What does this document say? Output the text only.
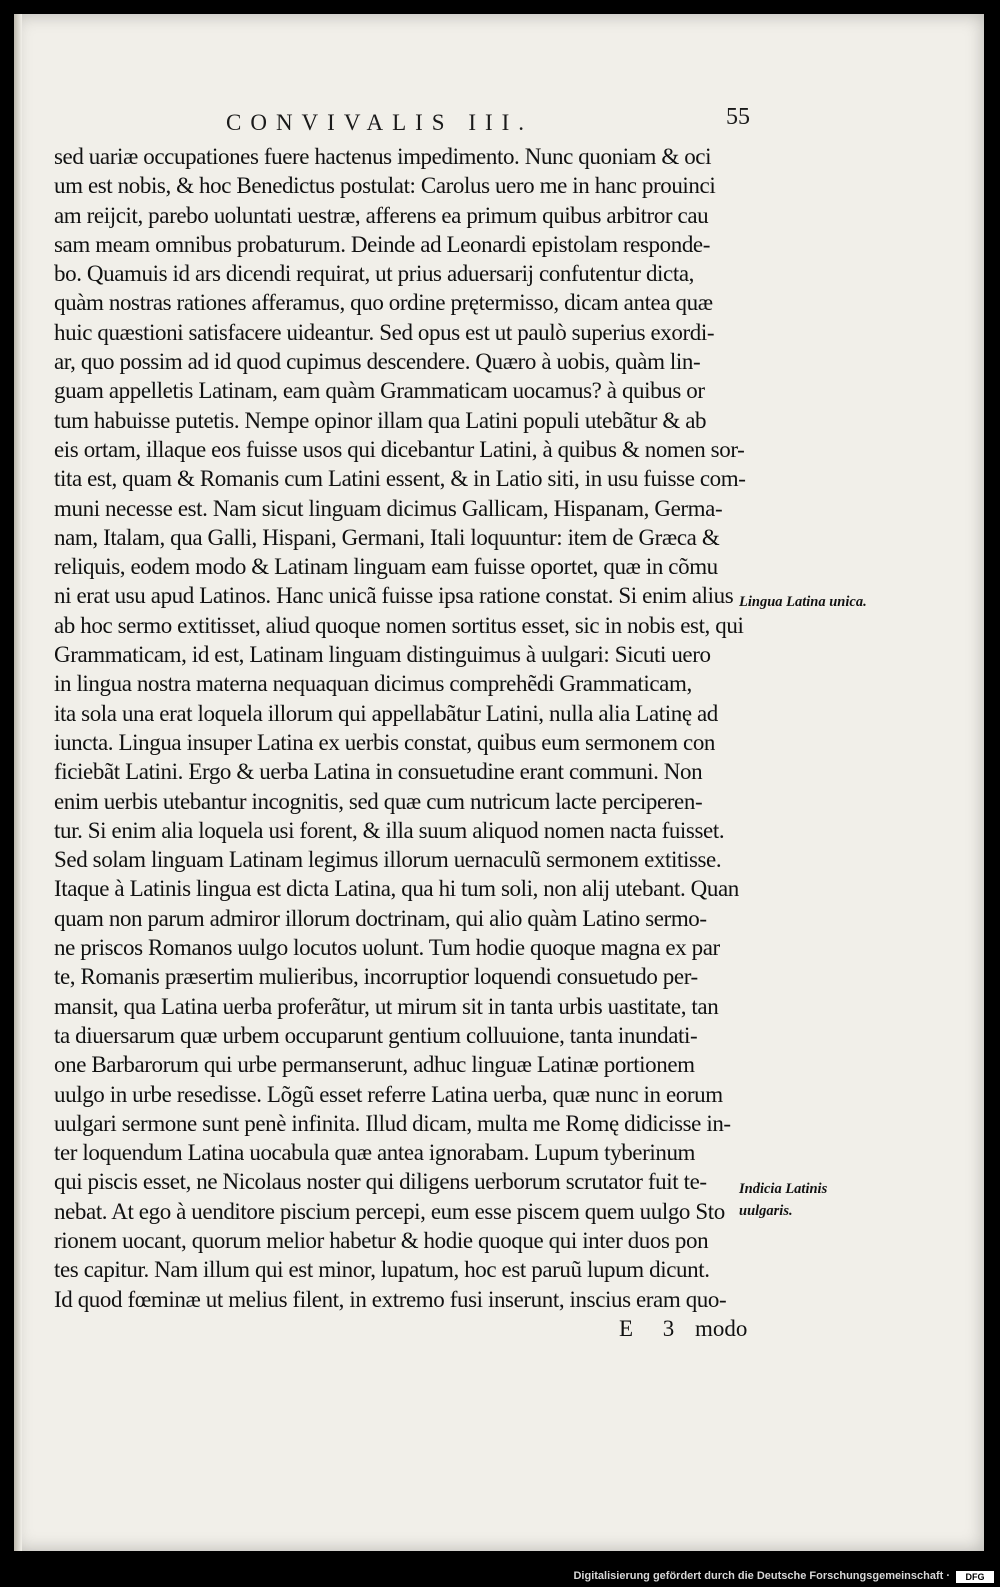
CONVIVALIS III.	55
sed uariæ occupationes fuere hactenus impedimento. Nunc quoniam & oci
um est nobis, & hoc Benedictus postulat: Carolus uero me in hanc prouinci
am reijcit, parebo uoluntati uestræ, afferens ea primum quibus arbitror cau
sam meam omnibus probaturum. Deinde ad Leonardi epistolam responde-
bo. Quamuis id ars dicendi requirat, ut prius aduersarij confutentur dicta,
quàm nostras rationes afferamus, quo ordine prętermisso, dicam antea quæ
huic quæstioni satisfacere uideantur. Sed opus est ut paulò superius exordi-
ar, quo possim ad id quod cupimus descendere. Quæro à uobis, quàm lin-
guam appelletis Latinam, eam quàm Grammaticam uocamus? à quibus or
tum habuisse putetis. Nempe opinor illam qua Latini populi utebãtur & ab
eis ortam, illaque eos fuisse usos qui dicebantur Latini, à quibus & nomen sor-
tita est, quam & Romanis cum Latini essent, & in Latio siti, in usu fuisse com-
muni necesse est. Nam sicut linguam dicimus Gallicam, Hispanam, Germa-
nam, Italam, qua Galli, Hispani, Germani, Itali loquuntur: item de Græca &
reliquis, eodem modo & Latinam linguam eam fuisse oportet, quæ in cõmu
ni erat usu apud Latinos. Hanc unicã fuisse ipsa ratione constat. Si enim alius
ab hoc sermo extitisset, aliud quoque nomen sortitus esset, sic in nobis est, qui
Grammaticam, id est, Latinam linguam distinguimus à uulgari: Sicuti uero
in lingua nostra materna nequaquan dicimus comprehẽdi Grammaticam,
ita sola una erat loquela illorum qui appellabãtur Latini, nulla alia Latinę ad
iuncta. Lingua insuper Latina ex uerbis constat, quibus eum sermonem con
ficiebãt Latini. Ergo & uerba Latina in consuetudine erant communi. Non
enim uerbis utebantur incognitis, sed quæ cum nutricum lacte perciperen-
tur. Si enim alia loquela usi forent, & illa suum aliquod nomen nacta fuisset.
Sed solam linguam Latinam legimus illorum uernaculũ sermonem extitisse.
Itaque à Latinis lingua est dicta Latina, qua hi tum soli, non alij utebant. Quan
quam non parum admiror illorum doctrinam, qui alio quàm Latino sermo-
ne priscos Romanos uulgo locutos uolunt. Tum hodie quoque magna ex par
te, Romanis præsertim mulieribus, incorruptior loquendi consuetudo per-
mansit, qua Latina uerba proferãtur, ut mirum sit in tanta urbis uastitate, tan
ta diuersarum quæ urbem occuparunt gentium colluuione, tanta inundati-
one Barbarorum qui urbe permanserunt, adhuc linguæ Latinæ portionem
uulgo in urbe resedisse. Lõgũ esset referre Latina uerba, quæ nunc in eorum
uulgari sermone sunt penè infinita. Illud dicam, multa me Romę didicisse in-
ter loquendum Latina uocabula quæ antea ignorabam. Lupum tyberinum
qui piscis esset, ne Nicolaus noster qui diligens uerborum scrutator fuit te-
nebat. At ego à uenditore piscium percepi, eum esse piscem quem uulgo Sto
rionem uocant, quorum melior habetur & hodie quoque qui inter duos pon
tes capitur. Nam illum qui est minor, lupatum, hoc est paruũ lupum dicunt.
Id quod fœminæ ut melius filent, in extremo fusi inserunt, inscius eram quo-
Lingua Latina unica.
Indicia Latinis uulgaris.
E 3 modo
Digitalisierung gefördert durch die Deutsche Forschungsgemeinschaft ·	DFG
